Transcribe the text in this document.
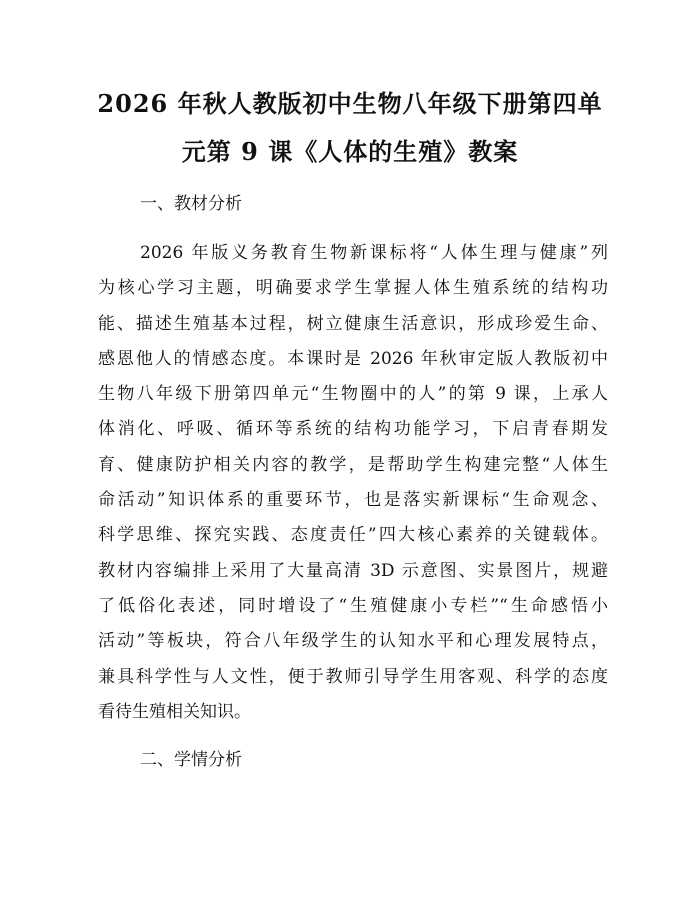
2026 年秋人教版初中生物八年级下册第四单
元第 9 课《人体的生殖》教案
一、教材分析
2026 年版义务教育生物新课标将“人体生理与健康”列
为核心学习主题，明确要求学生掌握人体生殖系统的结构功
能、描述生殖基本过程，树立健康生活意识，形成珍爱生命、
感恩他人的情感态度。本课时是 2026 年秋审定版人教版初中
生物八年级下册第四单元“生物圈中的人”的第 9 课，上承人
体消化、呼吸、循环等系统的结构功能学习，下启青春期发
育、健康防护相关内容的教学，是帮助学生构建完整“人体生
命活动”知识体系的重要环节，也是落实新课标“生命观念、
科学思维、探究实践、态度责任”四大核心素养的关键载体。
教材内容编排上采用了大量高清 3D 示意图、实景图片，规避
了低俗化表述，同时增设了“生殖健康小专栏”“生命感悟小
活动”等板块，符合八年级学生的认知水平和心理发展特点，
兼具科学性与人文性，便于教师引导学生用客观、科学的态度
看待生殖相关知识。
二、学情分析
